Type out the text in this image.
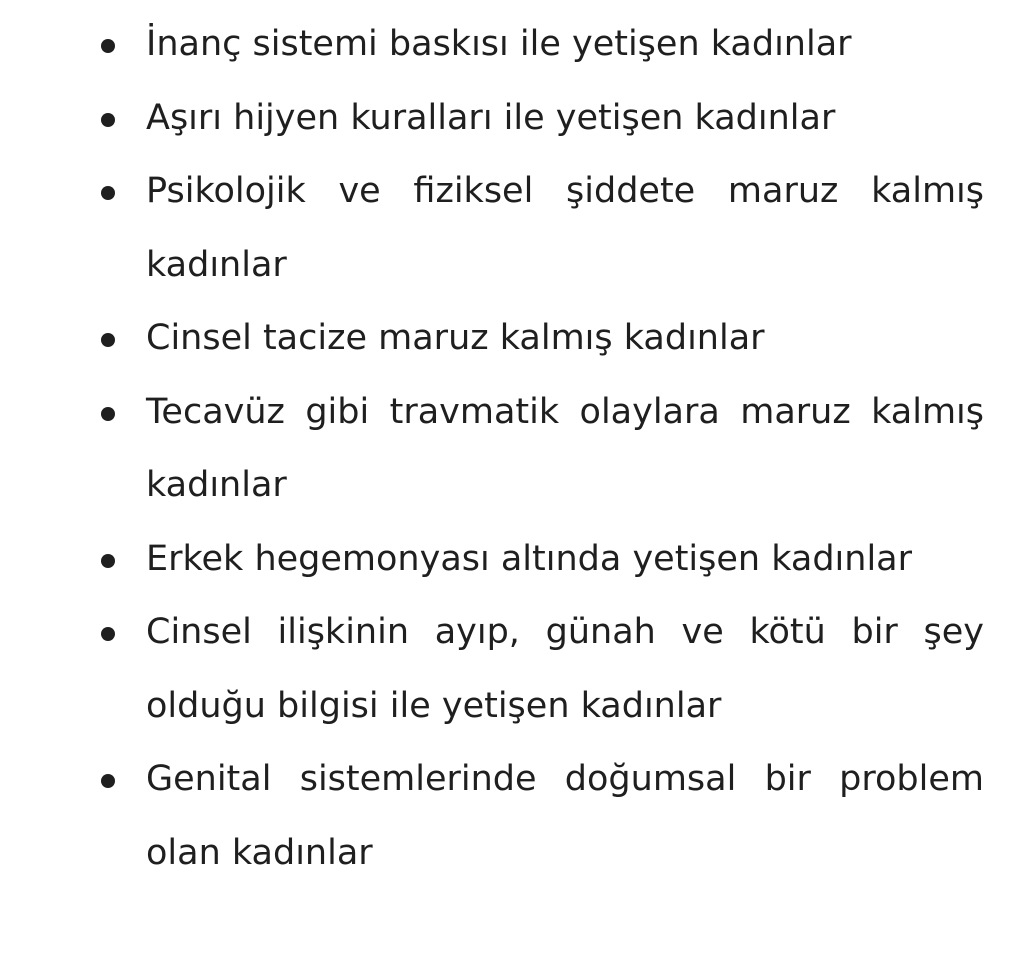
İnanç sistemi baskısı ile yetişen kadınlar
Aşırı hijyen kuralları ile yetişen kadınlar
Psikolojik ve fiziksel şiddete maruz kalmış kadınlar
Cinsel tacize maruz kalmış kadınlar
Tecavüz gibi travmatik olaylara maruz kalmış kadınlar
Erkek hegemonyası altında yetişen kadınlar
Cinsel ilişkinin ayıp, günah ve kötü bir şey olduğu bilgisi ile yetişen kadınlar
Genital sistemlerinde doğumsal bir problem olan kadınlar
